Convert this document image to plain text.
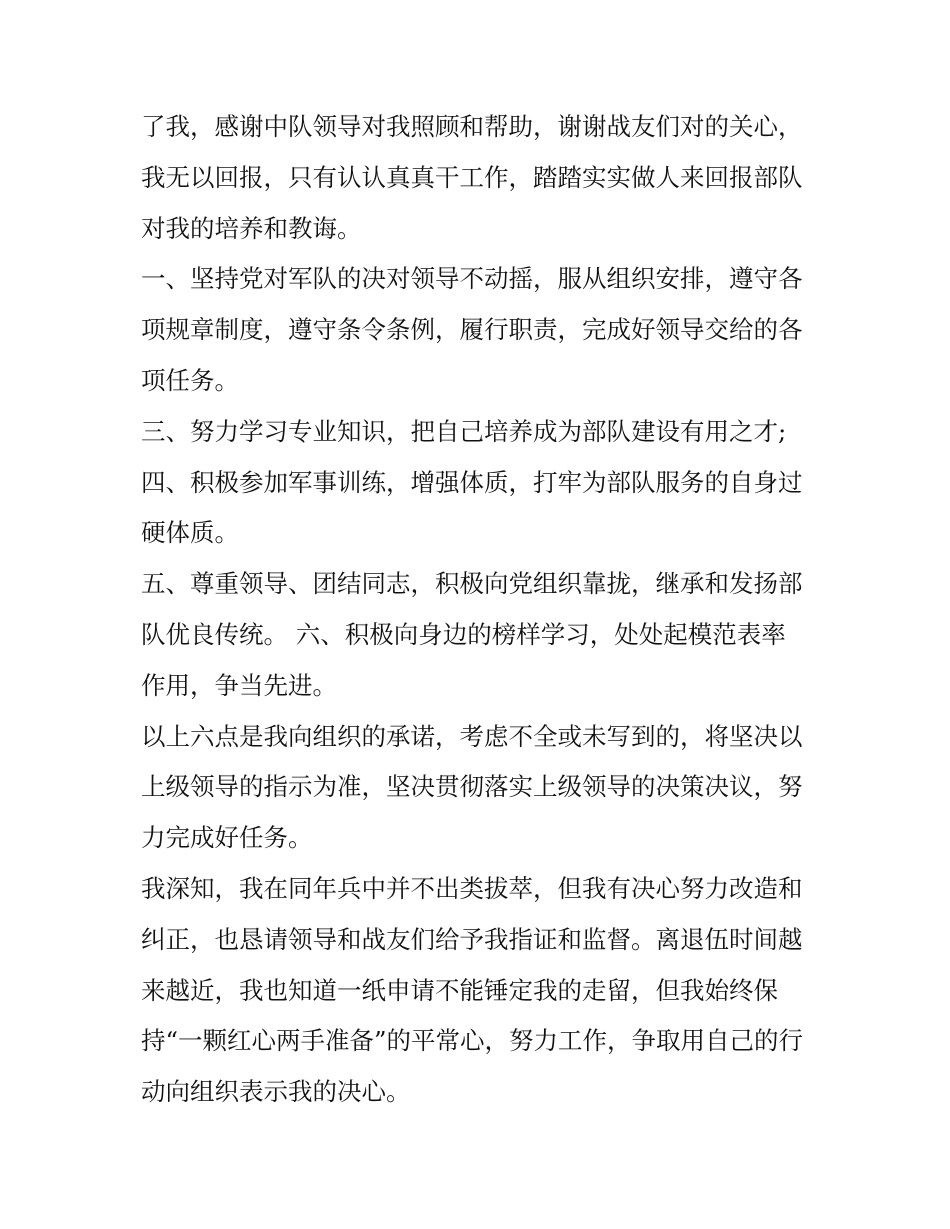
了我，感谢中队领导对我照顾和帮助，谢谢战友们对的关心，
我无以回报，只有认认真真干工作，踏踏实实做人来回报部队
对我的培养和教诲。
一、坚持党对军队的决对领导不动摇，服从组织安排，遵守各
项规章制度，遵守条令条例，履行职责，完成好领导交给的各
项任务。
三、努力学习专业知识，把自己培养成为部队建设有用之才;
四、积极参加军事训练，增强体质，打牢为部队服务的自身过
硬体质。
五、尊重领导、团结同志，积极向党组织靠拢，继承和发扬部
队优良传统。 六、积极向身边的榜样学习，处处起模范表率
作用，争当先进。
以上六点是我向组织的承诺，考虑不全或未写到的，将坚决以
上级领导的指示为准，坚决贯彻落实上级领导的决策决议，努
力完成好任务。
我深知，我在同年兵中并不出类拔萃，但我有决心努力改造和
纠正，也恳请领导和战友们给予我指证和监督。离退伍时间越
来越近，我也知道一纸申请不能锤定我的走留，但我始终保
持“一颗红心两手准备”的平常心，努力工作，争取用自己的行
动向组织表示我的决心。
